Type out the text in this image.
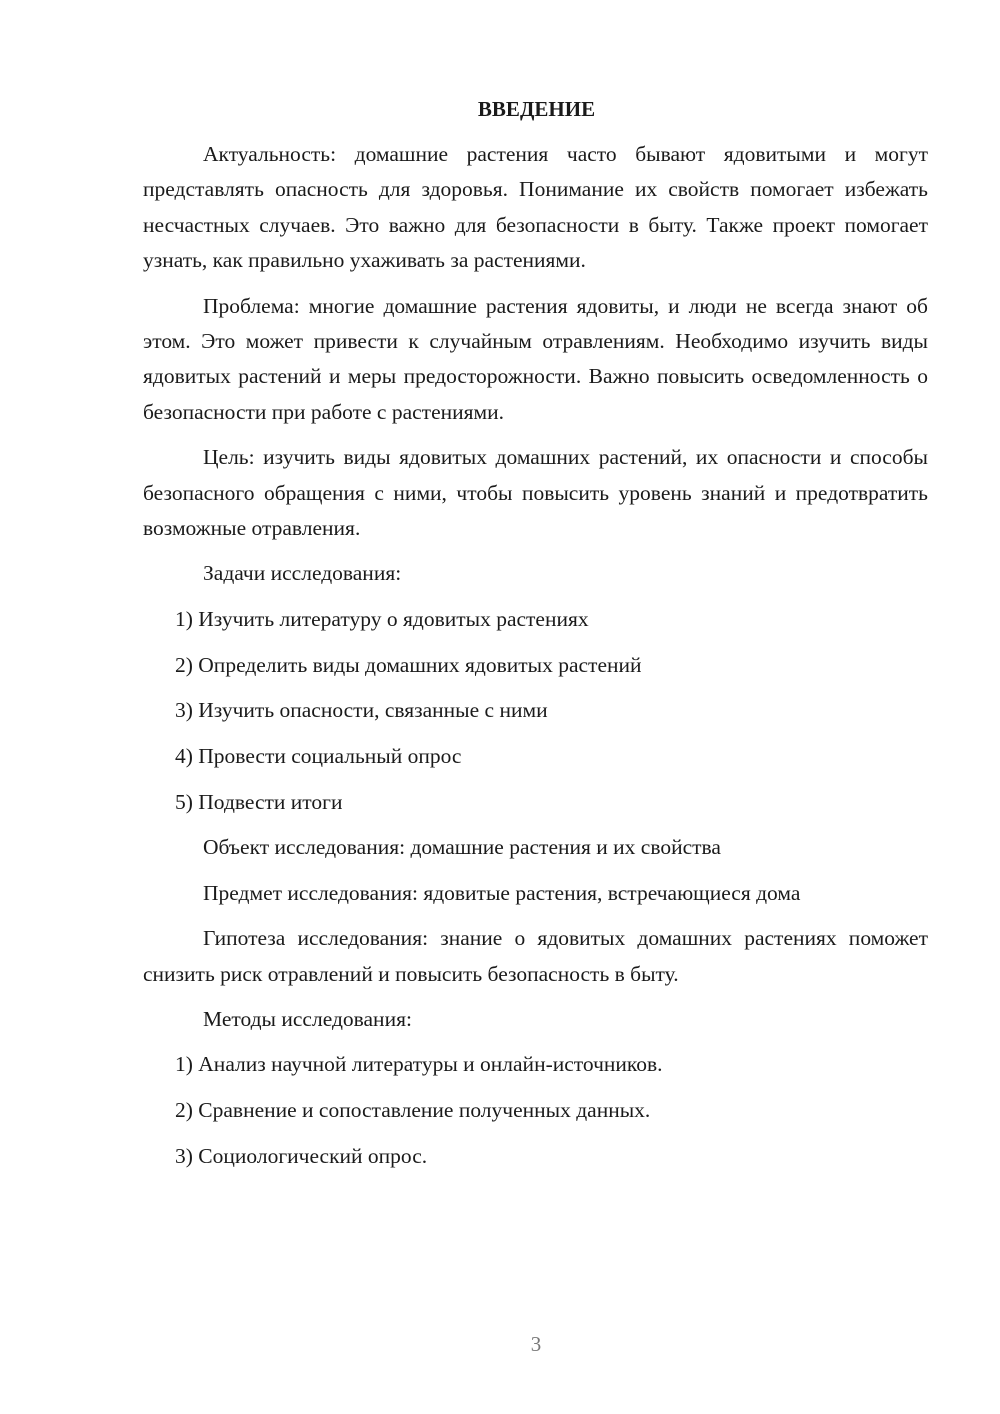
ВВЕДЕНИЕ

Актуальность: домашние растения часто бывают ядовитыми и могут представлять опасность для здоровья. Понимание их свойств помогает избежать несчастных случаев. Это важно для безопасности в быту. Также проект помогает узнать, как правильно ухаживать за растениями.

Проблема: многие домашние растения ядовиты, и люди не всегда знают об этом. Это может привести к случайным отравлениям. Необходимо изучить виды ядовитых растений и меры предосторожности. Важно повысить осведомленность о безопасности при работе с растениями.

Цель: изучить виды ядовитых домашних растений, их опасности и способы безопасного обращения с ними, чтобы повысить уровень знаний и предотвратить возможные отравления.

Задачи исследования:
1) Изучить литературу о ядовитых растениях
2) Определить виды домашних ядовитых растений
3) Изучить опасности, связанные с ними
4) Провести социальный опрос
5) Подвести итоги
Объект исследования: домашние растения и их свойства
Предмет исследования: ядовитые растения, встречающиеся дома

Гипотеза исследования: знание о ядовитых домашних растениях поможет снизить риск отравлений и повысить безопасность в быту.

Методы исследования:
1) Анализ научной литературы и онлайн-источников.
2) Сравнение и сопоставление полученных данных.
3) Социологический опрос.
3
